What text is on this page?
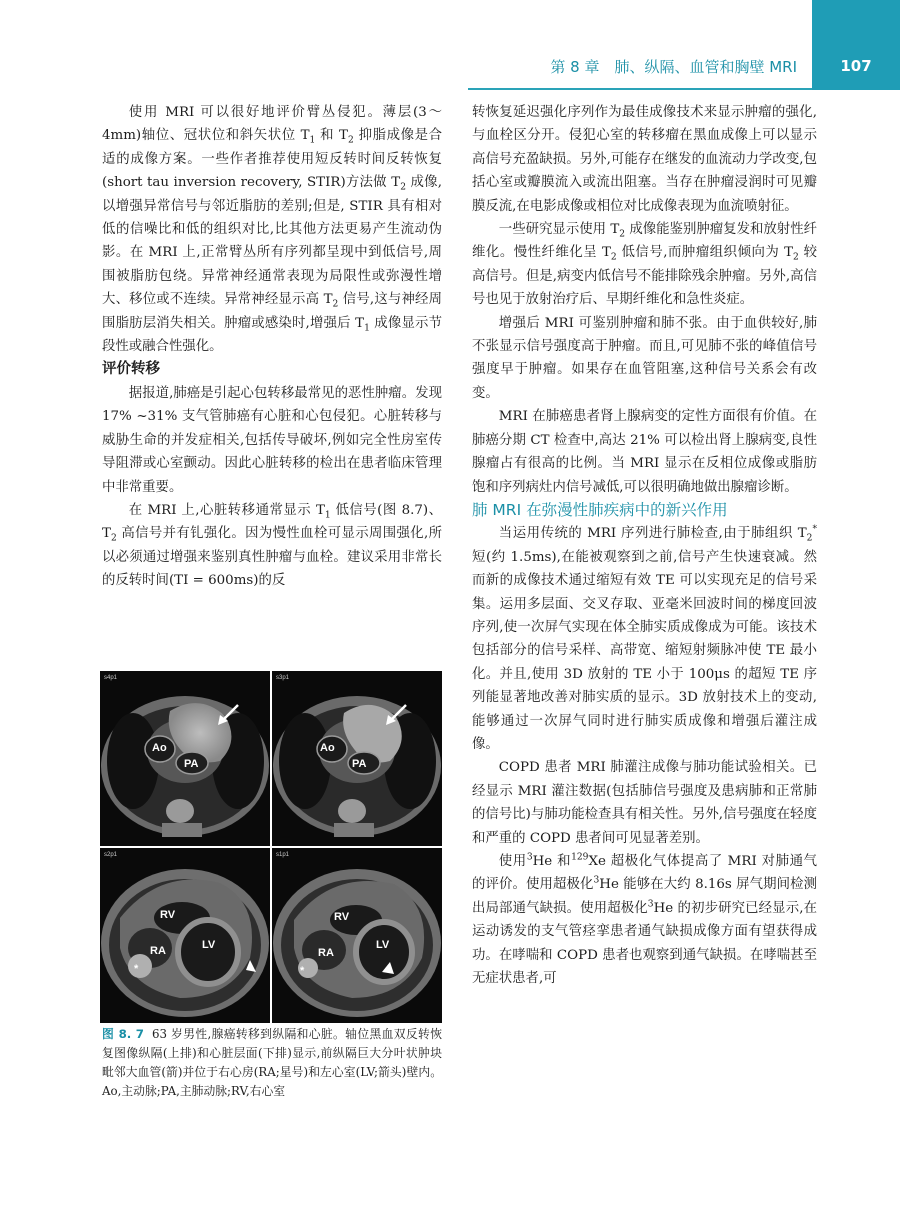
第 8 章　肺、纵隔、血管和胸壁 MRI	107

使用 MRI 可以很好地评价臂丛侵犯。薄层(3～4mm)轴位、冠状位和斜矢状位 $T_1$ 和 $T_2$ 抑脂成像是合适的成像方案。一些作者推荐使用短反转时间反转恢复(short tau inversion recovery, STIR)方法做 $T_2$ 成像,以增强异常信号与邻近脂肪的差别;但是, STIR 具有相对低的信噪比和低的组织对比,比其他方法更易产生流动伪影。在 MRI 上,正常臂丛所有序列都呈现中到低信号,周围被脂肪包绕。异常神经通常表现为局限性或弥漫性增大、移位或不连续。异常神经显示高 $T_2$ 信号,这与神经周围脂肪层消失相关。肿瘤或感染时,增强后 $T_1$ 成像显示节段性或融合性强化。

评价转移

据报道,肺癌是引起心包转移最常见的恶性肿瘤。发现 17% ~31% 支气管肺癌有心脏和心包侵犯。心脏转移与威胁生命的并发症相关,包括传导破坏,例如完全性房室传导阻滞或心室颤动。因此心脏转移的检出在患者临床管理中非常重要。

在 MRI 上,心脏转移通常显示 $T_1$ 低信号(图 8.7)、$T_2$ 高信号并有钆强化。因为慢性血栓可显示周围强化,所以必须通过增强来鉴别真性肿瘤与血栓。建议采用非常长的反转时间(TI = 600ms)的反

Ao
PA
s4p1
Ao
PA
s3p1
RV
RA	LV
*
s2p1
RV
RA
LV
*
s1p1
图 8. 7 63 岁男性,腺癌转移到纵隔和心脏。轴位黑血双反转恢复图像纵隔(上排)和心脏层面(下排)显示,前纵隔巨大分叶状肿块毗邻大血管(箭)并位于右心房(RA;星号)和左心室(LV;箭头)壁内。Ao,主动脉;PA,主肺动脉;RV,右心室

转恢复延迟强化序列作为最佳成像技术来显示肿瘤的强化,与血栓区分开。侵犯心室的转移瘤在黑血成像上可以显示高信号充盈缺损。另外,可能存在继发的血流动力学改变,包括心室或瓣膜流入或流出阻塞。当存在肿瘤浸润时可见瓣膜反流,在电影成像或相位对比成像表现为血流喷射征。

一些研究显示使用 $T_2$ 成像能鉴别肿瘤复发和放射性纤维化。慢性纤维化呈 $T_2$ 低信号,而肿瘤组织倾向为 $T_2$ 较高信号。但是,病变内低信号不能排除残余肿瘤。另外,高信号也见于放射治疗后、早期纤维化和急性炎症。

增强后 MRI 可鉴别肿瘤和肺不张。由于血供较好,肺不张显示信号强度高于肿瘤。而且,可见肺不张的峰值信号强度早于肿瘤。如果存在血管阻塞,这种信号关系会有改变。

MRI 在肺癌患者肾上腺病变的定性方面很有价值。在肺癌分期 CT 检查中,高达 21% 可以检出肾上腺病变,良性腺瘤占有很高的比例。当 MRI 显示在反相位成像或脂肪饱和序列病灶内信号减低,可以很明确地做出腺瘤诊断。

肺 MRI 在弥漫性肺疾病中的新兴作用

当运用传统的 MRI 序列进行肺检查,由于肺组织 $T_2^*$短(约 1.5ms),在能被观察到之前,信号产生快速衰减。然而新的成像技术通过缩短有效 TE 可以实现充足的信号采集。运用多层面、交叉存取、亚毫米回波时间的梯度回波序列,使一次屏气实现在体全肺实质成像成为可能。该技术包括部分的信号采样、高带宽、缩短射频脉冲使 TE 最小化。并且,使用 3D 放射的 TE 小于 100μs 的超短 TE 序列能显著地改善对肺实质的显示。3D 放射技术上的变动,能够通过一次屏气同时进行肺实质成像和增强后灌注成像。

COPD 患者 MRI 肺灌注成像与肺功能试验相关。已经显示 MRI 灌注数据(包括肺信号强度及患病肺和正常肺的信号比)与肺功能检查具有相关性。另外,信号强度在轻度和严重的 COPD 患者间可见显著差别。

使用$^3$He 和$^{129}$Xe 超极化气体提高了 MRI 对肺通气的评价。使用超极化$^3$He 能够在大约 8.16s 屏气期间检测出局部通气缺损。使用超极化$^3$He 的初步研究已经显示,在运动诱发的支气管痉挛患者通气缺损成像方面有望获得成功。在哮喘和 COPD 患者也观察到通气缺损。在哮喘甚至无症状患者,可
